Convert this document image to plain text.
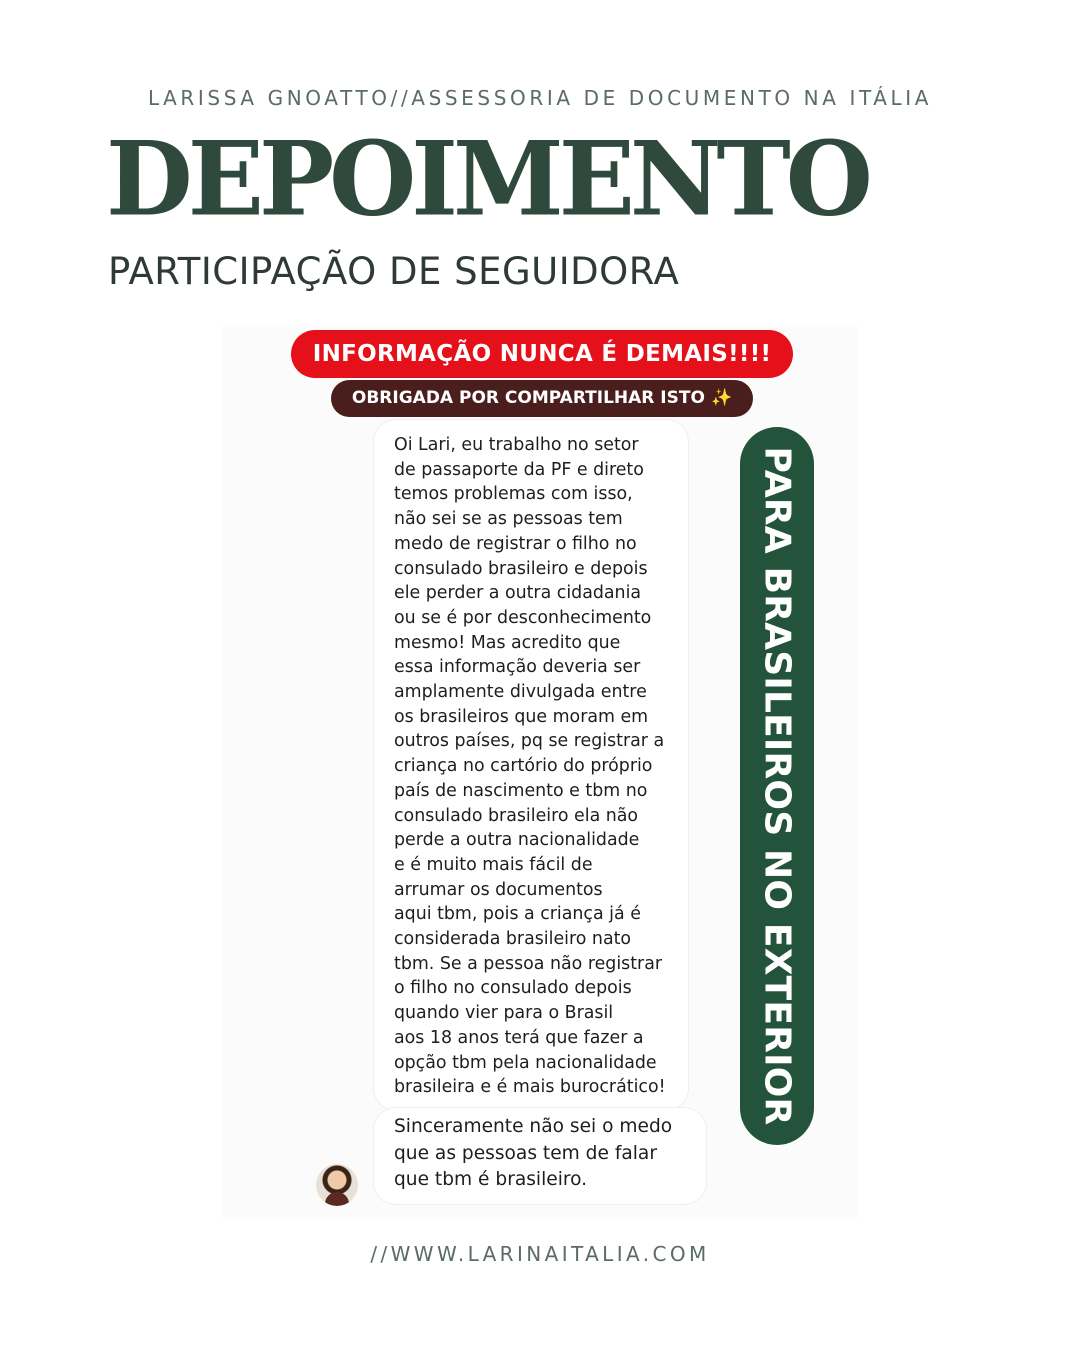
LARISSA GNOATTO//ASSESSORIA DE DOCUMENTO NA ITÁLIA
DEPOIMENTO
PARTICIPAÇÃO DE SEGUIDORA
INFORMAÇÃO NUNCA É DEMAIS!!!!
OBRIGADA POR COMPARTILHAR ISTO ✨
Oi Lari, eu trabalho no setor
de passaporte da PF e direto
temos problemas com isso,
não sei se as pessoas tem
medo de registrar o filho no
consulado brasileiro e depois
ele perder a outra cidadania
ou se é por desconhecimento
mesmo! Mas acredito que
essa informação deveria ser
amplamente divulgada entre
os brasileiros que moram em
outros países, pq se registrar a
criança no cartório do próprio
país de nascimento e tbm no
consulado brasileiro ela não
perde a outra nacionalidade
e é muito mais fácil de
arrumar os documentos
aqui tbm, pois a criança já é
considerada brasileiro nato
tbm. Se a pessoa não registrar
o filho no consulado depois
quando vier para o Brasil
aos 18 anos terá que fazer a
opção tbm pela nacionalidade
brasileira e é mais burocrático!
Sinceramente não sei o medo
que as pessoas tem de falar
que tbm é brasileiro.
PARA BRASILEIROS NO EXTERIOR
//WWW.LARINAITALIA.COM
